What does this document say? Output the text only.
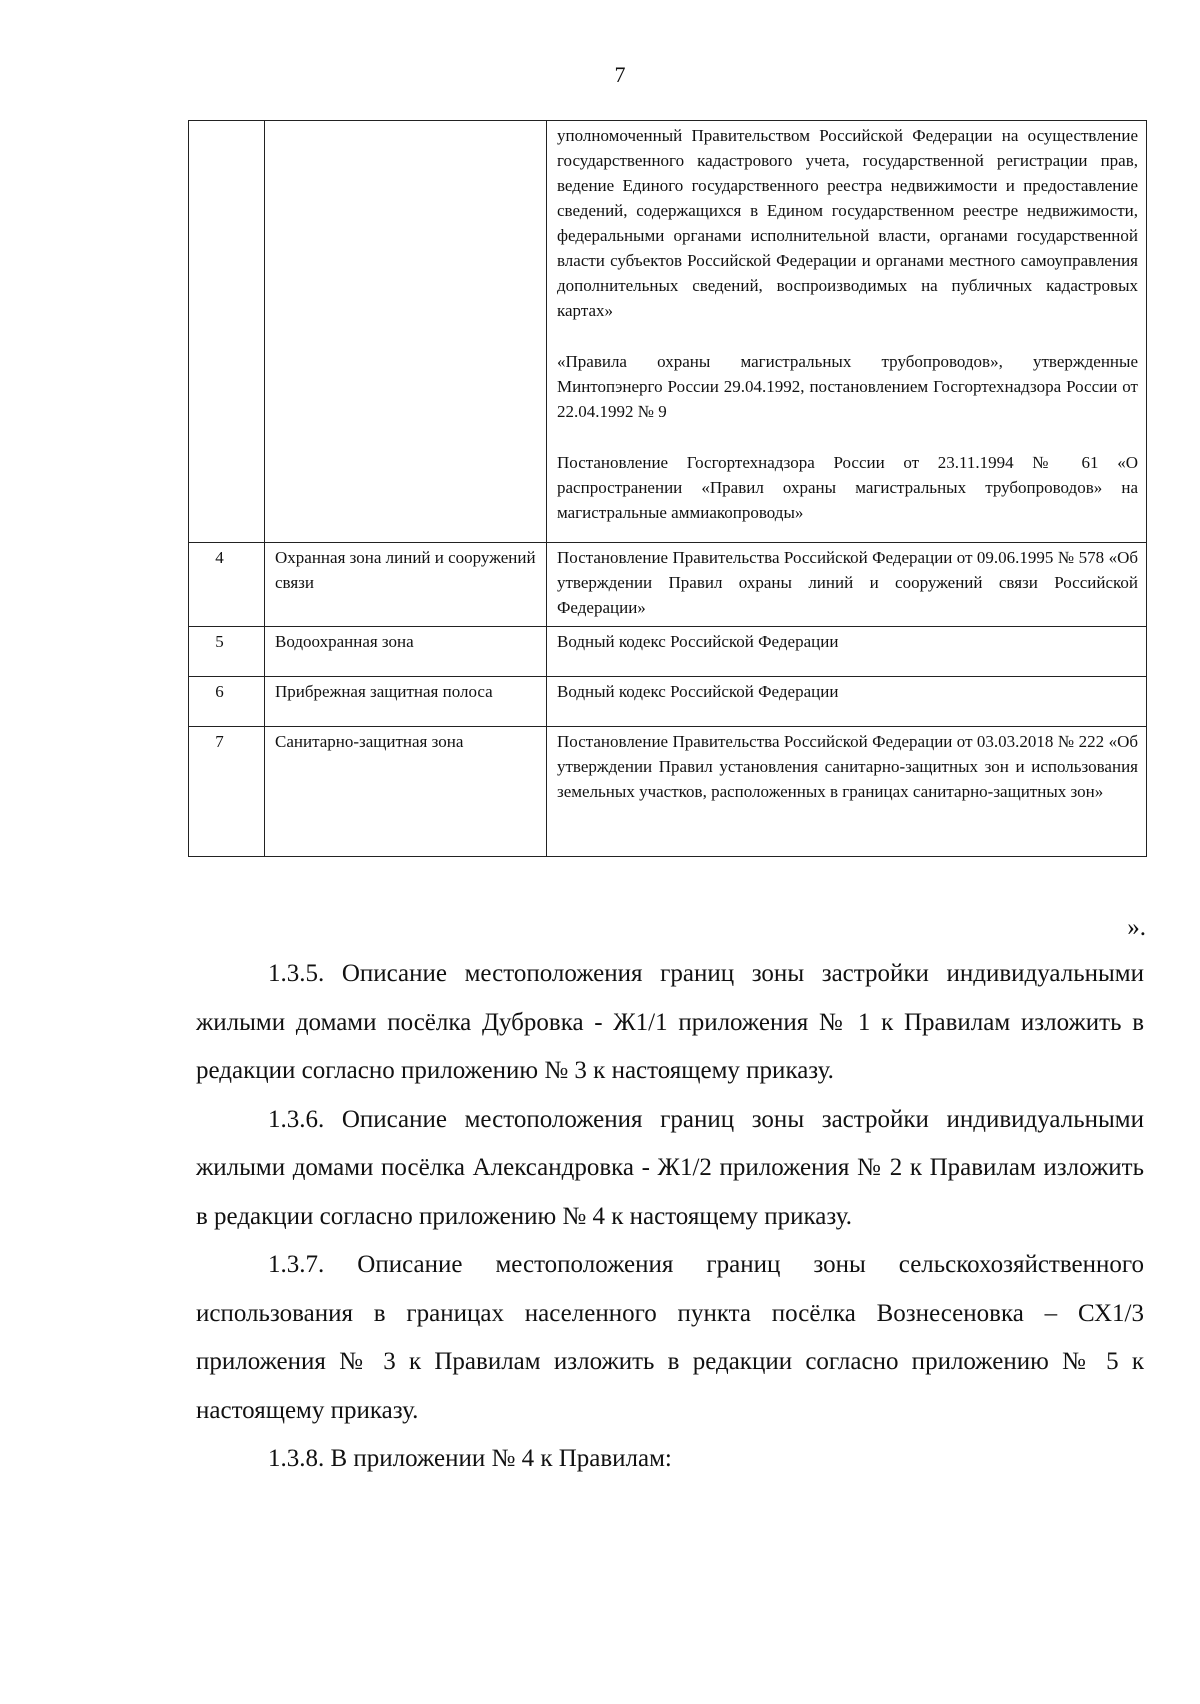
7

		уполномоченный Правительством Российской Федерации на осуществление государственного кадастрового учета, государственной регистрации прав, ведение Единого государственного реестра недвижимости и предоставление сведений, содержащихся в Едином государственном реестре недвижимости, федеральными органами исполнительной власти, органами государственной власти субъектов Российской Федерации и органами местного самоуправления дополнительных сведений, воспроизводимых на публичных кадастровых картах»

«Правила охраны магистральных трубопроводов», утвержденные Минтопэнерго России 29.04.1992, постановлением Госгортехнадзора России от 22.04.1992 № 9

Постановление Госгортехнадзора России от 23.11.1994 № 61 «О распространении «Правил охраны магистральных трубопроводов» на магистральные аммиакопроводы»

4	Охранная зона линий и сооружений связи	Постановление Правительства Российской Федерации от 09.06.1995 № 578 «Об утверждении Правил охраны линий и сооружений связи Российской Федерации»

5	Водоохранная зона	Водный кодекс Российской Федерации

6	Прибрежная защитная полоса	Водный кодекс Российской Федерации

7	Санитарно-защитная зона	Постановление Правительства Российской Федерации от 03.03.2018 № 222 «Об утверждении Правил установления санитарно-защитных зон и использования земельных участков, расположенных в границах санитарно-защитных зон»

».

1.3.5. Описание местоположения границ зоны застройки индивидуальными жилыми домами посёлка Дубровка - Ж1/1 приложения № 1 к Правилам изложить в редакции согласно приложению № 3 к настоящему приказу.

1.3.6. Описание местоположения границ зоны застройки индивидуальными жилыми домами посёлка Александровка - Ж1/2 приложения № 2 к Правилам изложить в редакции согласно приложению № 4 к настоящему приказу.

1.3.7. Описание местоположения границ зоны сельскохозяйственного использования в границах населенного пункта посёлка Вознесеновка – СХ1/3 приложения № 3 к Правилам изложить в редакции согласно приложению № 5 к настоящему приказу.

1.3.8. В приложении № 4 к Правилам:
